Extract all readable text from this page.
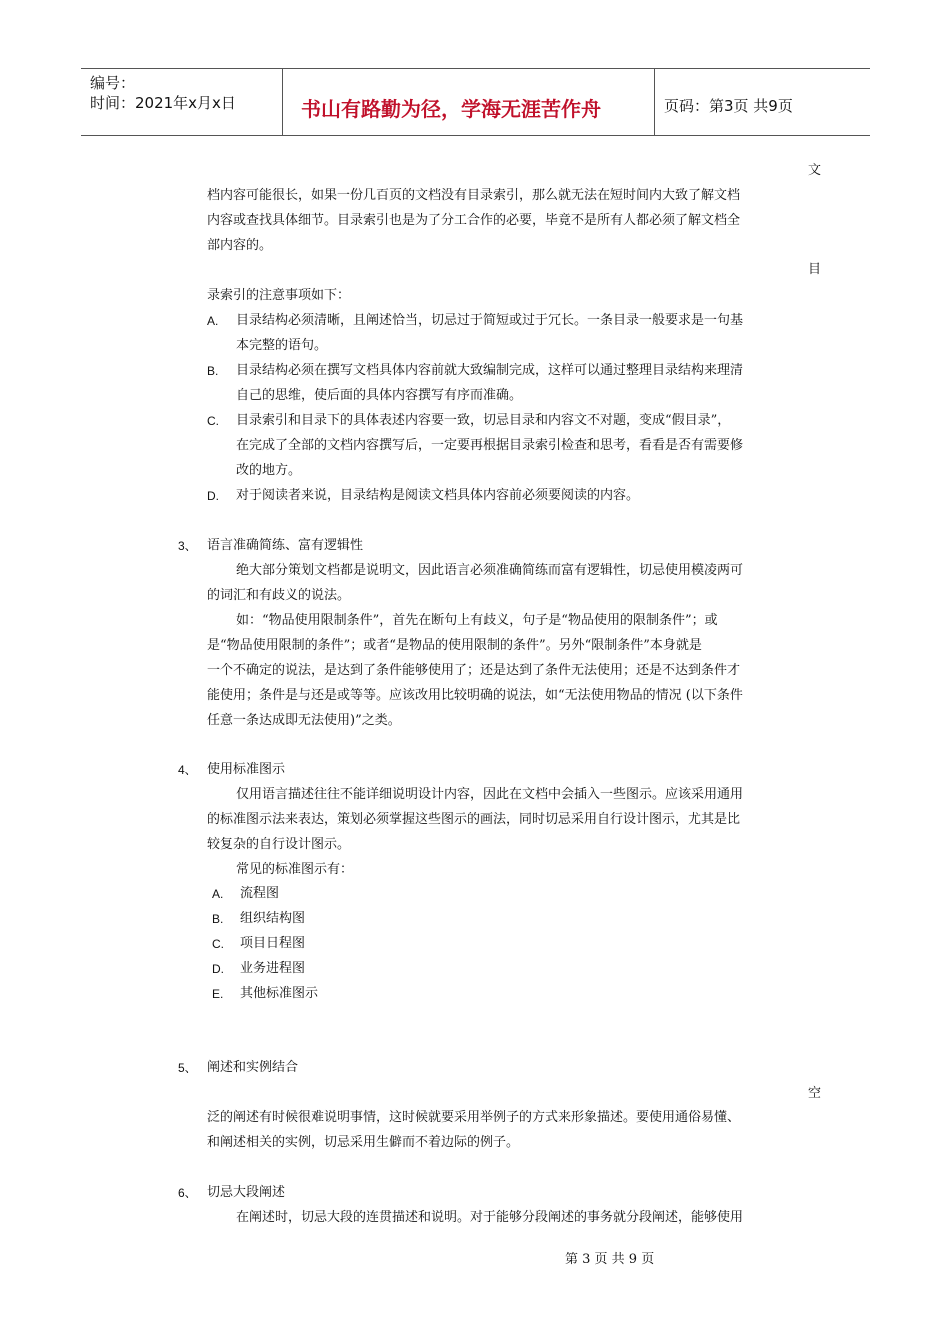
编号：
时间：2021年x月x日	书山有路勤为径，学海无涯苦作舟	页码：第3页 共9页
文
档内容可能很长，如果一份几百页的文档没有目录索引，那么就无法在短时间内大致了解文档
内容或查找具体细节。目录索引也是为了分工合作的必要，毕竟不是所有人都必须了解文档全
部内容的。
目
录索引的注意事项如下：
A. 目录结构必须清晰，且阐述恰当，切忌过于简短或过于冗长。一条目录一般要求是一句基
本完整的语句。
B. 目录结构必须在撰写文档具体内容前就大致编制完成，这样可以通过整理目录结构来理清
自己的思维，使后面的具体内容撰写有序而准确。
C. 目录索引和目录下的具体表述内容要一致，切忌目录和内容文不对题，变成“假目录”，
在完成了全部的文档内容撰写后，一定要再根据目录索引检查和思考，看看是否有需要修
改的地方。
D. 对于阅读者来说，目录结构是阅读文档具体内容前必须要阅读的内容。
3、 语言准确简练、富有逻辑性
绝大部分策划文档都是说明文，因此语言必须准确简练而富有逻辑性，切忌使用模凌两可
的词汇和有歧义的说法。
如：“物品使用限制条件”，首先在断句上有歧义，句子是“物品使用的限制条件”；或
是“物品使用限制的条件”；或者“是物品的使用限制的条件”。另外“限制条件”本身就是
一个不确定的说法，是达到了条件能够使用了；还是达到了条件无法使用；还是不达到条件才
能使用；条件是与还是或等等。应该改用比较明确的说法，如“无法使用物品的情况 (以下条件
任意一条达成即无法使用)”之类。
4、 使用标准图示
仅用语言描述往往不能详细说明设计内容，因此在文档中会插入一些图示。应该采用通用
的标准图示法来表达，策划必须掌握这些图示的画法，同时切忌采用自行设计图示，尤其是比
较复杂的自行设计图示。
常见的标准图示有：
A. 流程图
B. 组织结构图
C. 项目日程图
D. 业务进程图
E. 其他标准图示
5、 阐述和实例结合
空
泛的阐述有时候很难说明事情，这时候就要采用举例子的方式来形象描述。要使用通俗易懂、
和阐述相关的实例，切忌采用生僻而不着边际的例子。
6、 切忌大段阐述
在阐述时，切忌大段的连贯描述和说明。对于能够分段阐述的事务就分段阐述，能够使用
第 3 页 共 9 页
